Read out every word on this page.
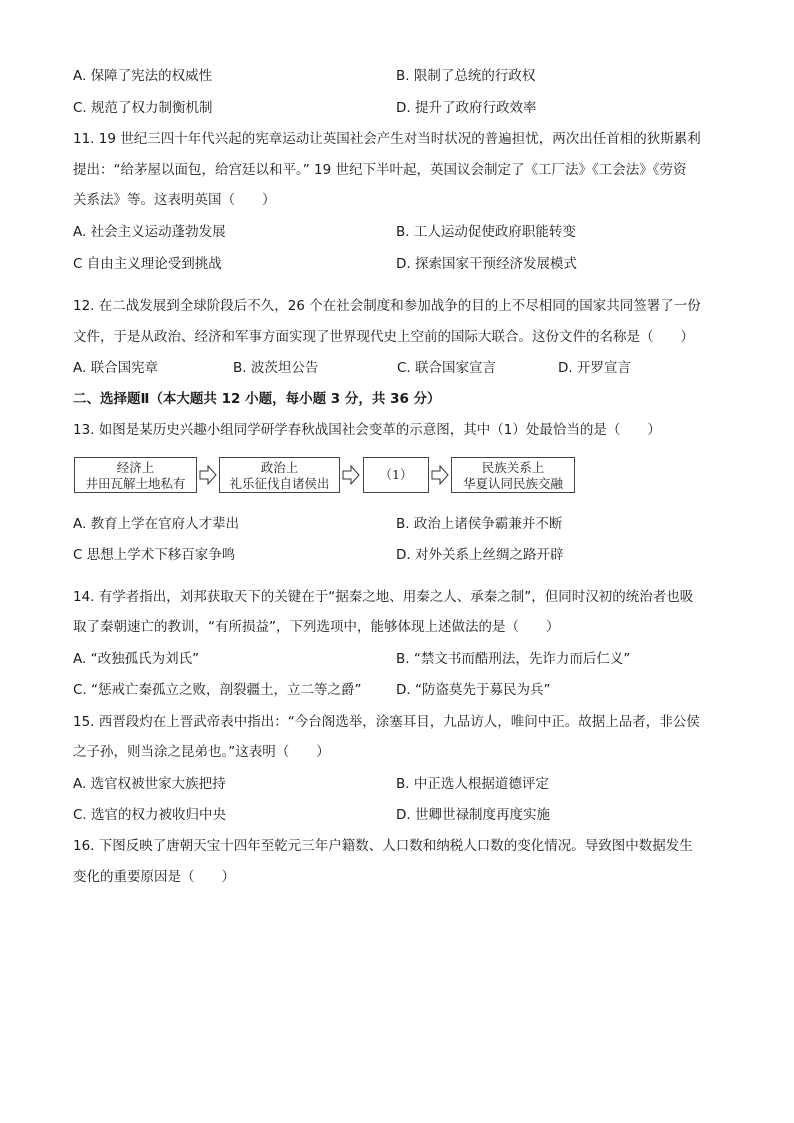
A. 保障了宪法的权威性	B. 限制了总统的行政权
C. 规范了权力制衡机制	D. 提升了政府行政效率
11. 19 世纪三四十年代兴起的宪章运动让英国社会产生对当时状况的普遍担忧，两次出任首相的狄斯累利
提出：“给茅屋以面包，给宫廷以和平。” 19 世纪下半叶起，英国议会制定了《工厂法》《工会法》《劳资
关系法》等。这表明英国（　　）
A. 社会主义运动蓬勃发展	B. 工人运动促使政府职能转变
C 自由主义理论受到挑战	D. 探索国家干预经济发展模式
12. 在二战发展到全球阶段后不久，26 个在社会制度和参加战争的目的上不尽相同的国家共同签署了一份
文件，于是从政治、经济和军事方面实现了世界现代史上空前的国际大联合。这份文件的名称是（　　）
A. 联合国宪章	B. 波茨坦公告	C. 联合国家宣言	D. 开罗宣言
二、选择题Ⅱ（本大题共 12 小题，每小题 3 分，共 36 分）
13. 如图是某历史兴趣小组同学研学春秋战国社会变革的示意图，其中（1）处最恰当的是（　　）
经济上
井田瓦解土地私有
政治上
礼乐征伐自诸侯出
（1）	民族关系上
华夏认同民族交融
A. 教育上学在官府人才辈出	B. 政治上诸侯争霸兼并不断
C 思想上学术下移百家争鸣	D. 对外关系上丝绸之路开辟
14. 有学者指出，刘邦获取天下的关键在于“据秦之地、用秦之人、承秦之制”，但同时汉初的统治者也吸
取了秦朝速亡的教训，“有所损益”，下列选项中，能够体现上述做法的是（　　）
A. “改独孤氏为刘氏”	B. “禁文书而酷刑法，先诈力而后仁义”
C. “惩戒亡秦孤立之败，剖裂疆土，立二等之爵”	D. “防盗莫先于募民为兵”
15. 西晋段灼在上晋武帝表中指出：“今台阁选举，涂塞耳目，九品访人，唯问中正。故据上品者，非公侯
之子孙，则当涂之昆弟也。”这表明（　　）
A. 选官权被世家大族把持	B. 中正选人根据道德评定
C. 选官的权力被收归中央	D. 世卿世禄制度再度实施
16. 下图反映了唐朝天宝十四年至乾元三年户籍数、人口数和纳税人口数的变化情况。导致图中数据发生
变化的重要原因是（　　）
